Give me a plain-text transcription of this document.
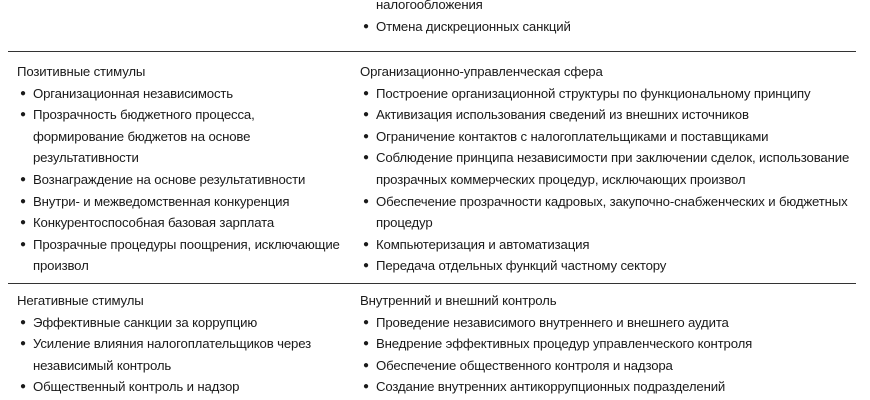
налогообложения
● Отмена дискреционных санкций
Позитивные стимулы
● Организационная независимость
● Прозрачность бюджетного процесса, формирование бюджетов на основе результативности
● Вознаграждение на основе результативности
● Внутри- и межведомственная конкуренция
● Конкурентоспособная базовая зарплата
● Прозрачные процедуры поощрения, исключающие произвол
Организационно-управленческая сфера
● Построение организационной структуры по функциональному принципу
● Активизация использования сведений из внешних источников
● Ограничение контактов с налогоплательщиками и поставщиками
● Соблюдение принципа независимости при заключении сделок, использование прозрачных коммерческих процедур, исключающих произвол
● Обеспечение прозрачности кадровых, закупочно-снабженческих и бюджетных процедур
● Компьютеризация и автоматизация
● Передача отдельных функций частному сектору
Негативные стимулы
● Эффективные санкции за коррупцию
● Усиление влияния налогоплательщиков через независимый контроль
● Общественный контроль и надзор
Внутренний и внешний контроль
● Проведение независимого внутреннего и внешнего аудита
● Внедрение эффективных процедур управленческого контроля
● Обеспечение общественного контроля и надзора
● Создание внутренних антикоррупционных подразделений
